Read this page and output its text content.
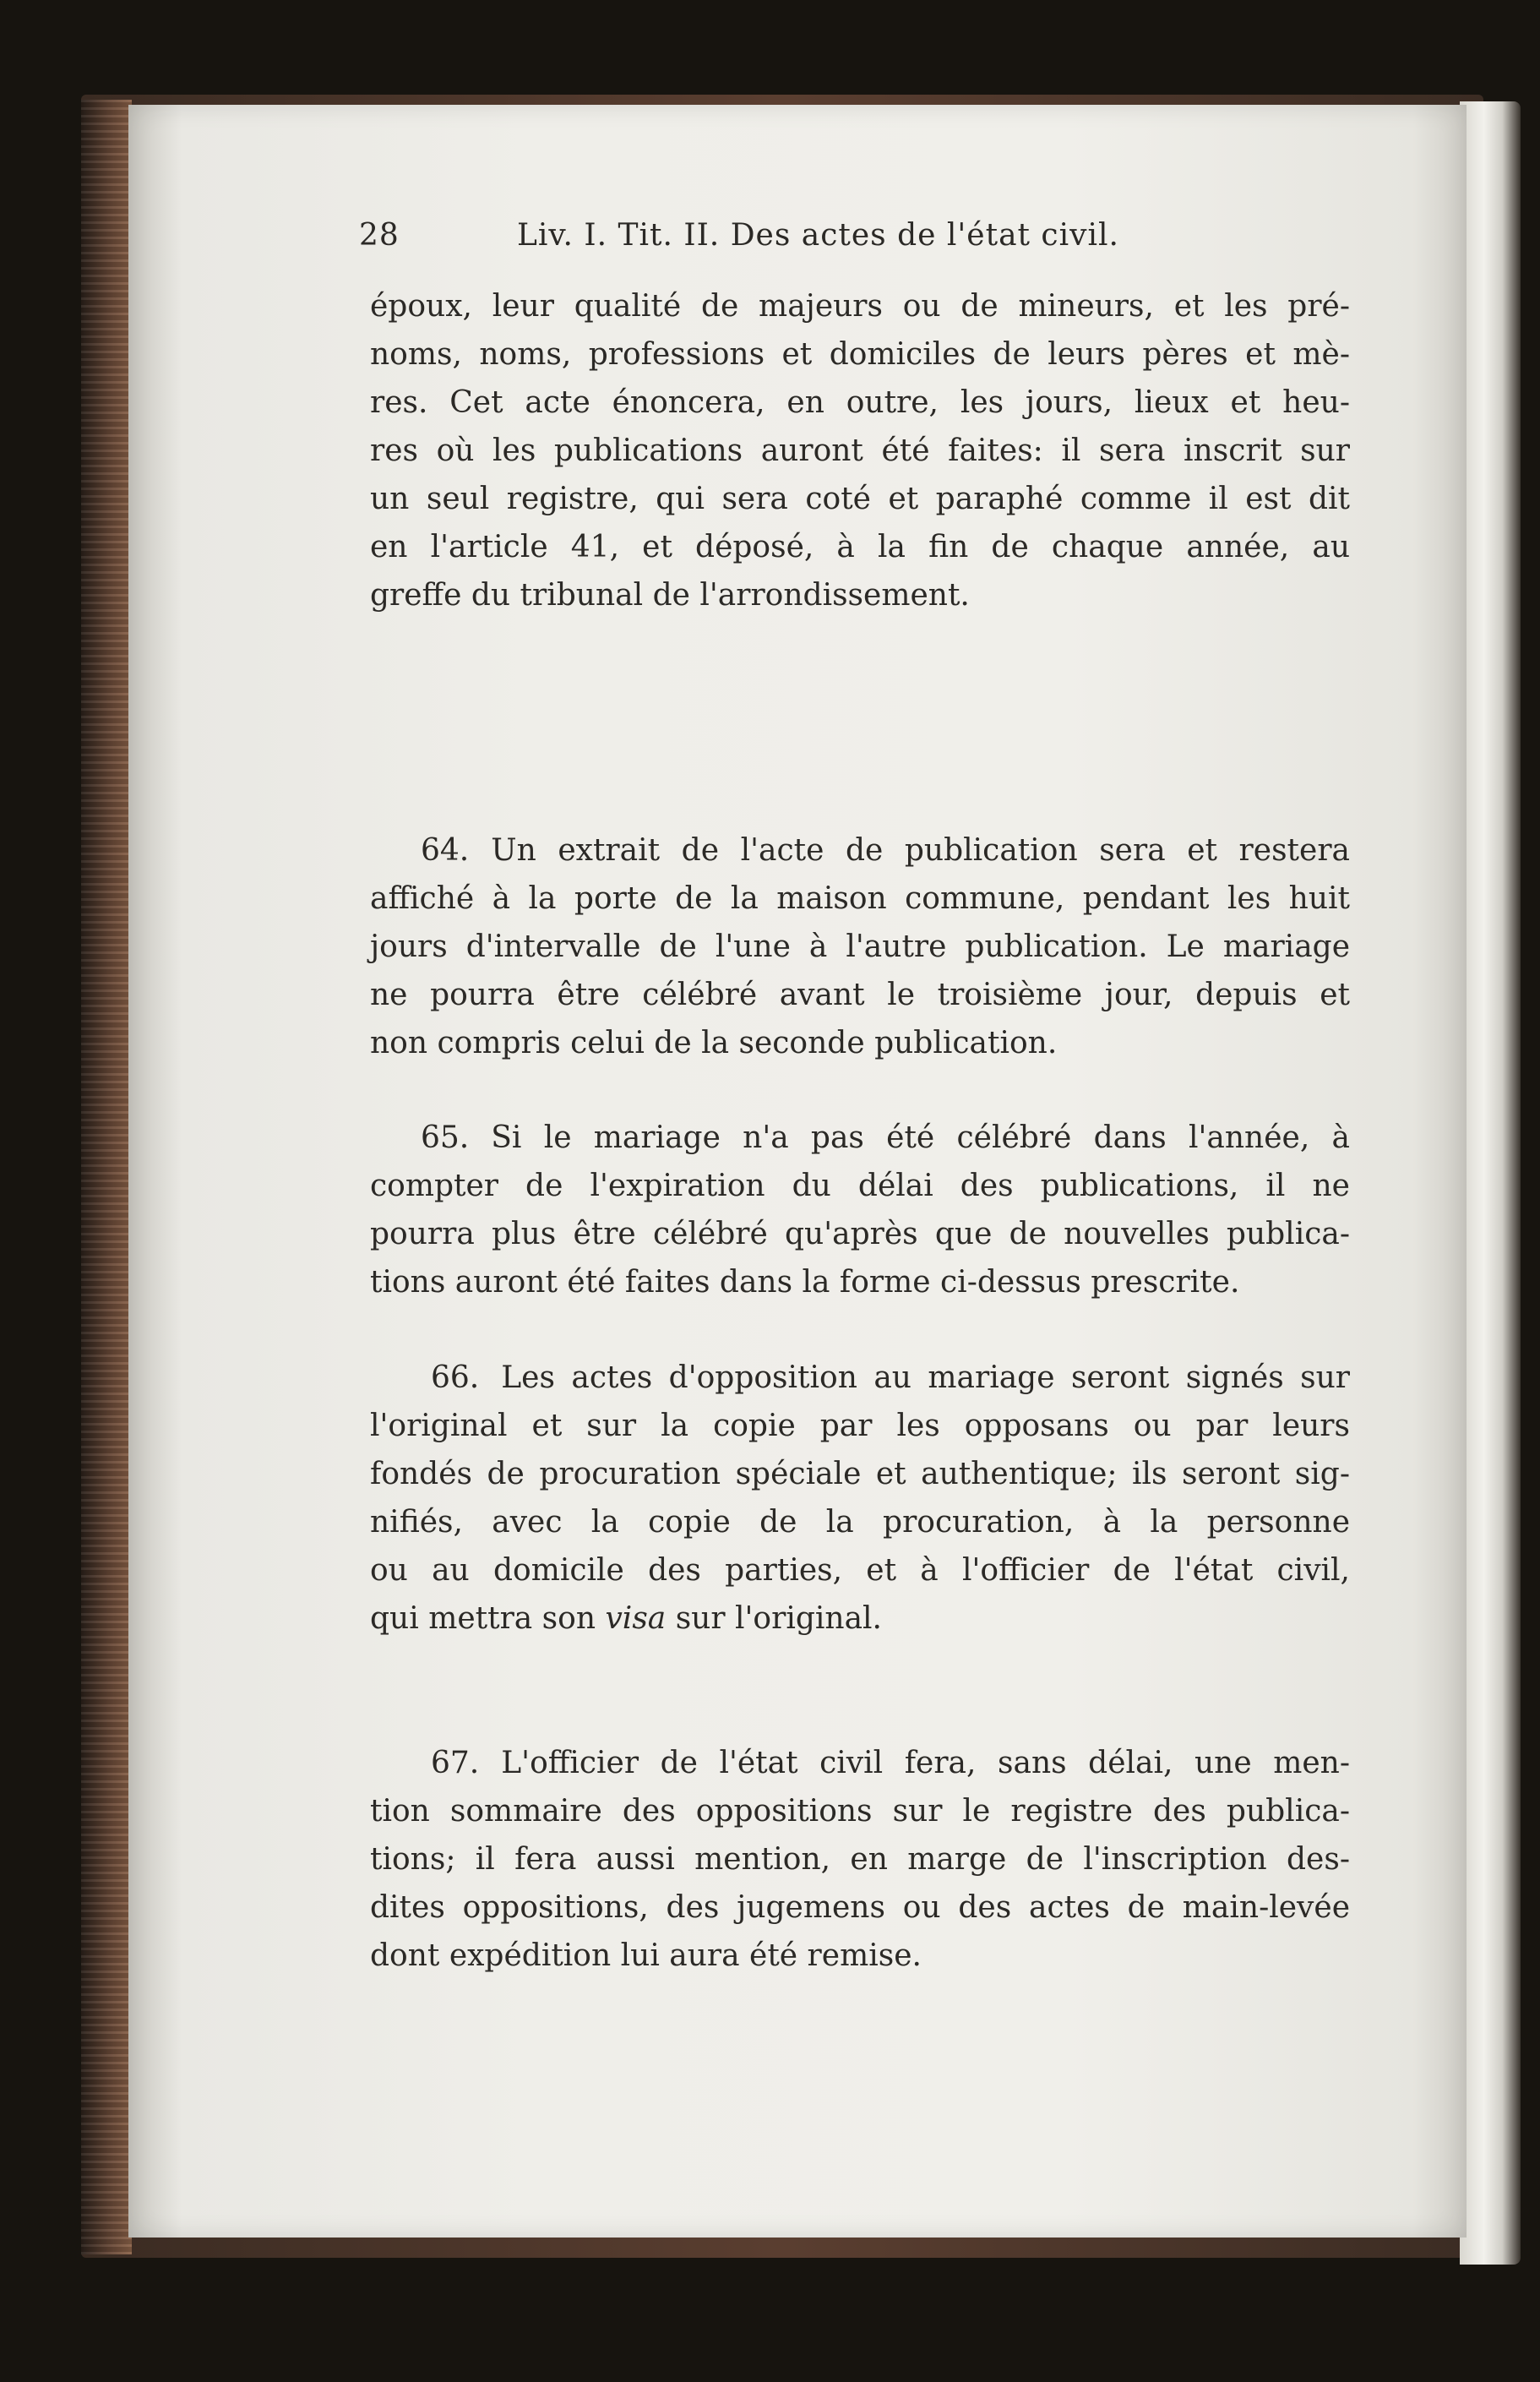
28	Liv. I. Tit. II. Des actes de l'état civil.
époux, leur qualité de majeurs ou de mineurs, et les pré-
noms, noms, professions et domiciles de leurs pères et mè-
res. Cet acte énoncera, en outre, les jours, lieux et heu-
res où les publications auront été faites: il sera inscrit sur
un seul registre, qui sera coté et paraphé comme il est dit
en l'article 41, et déposé, à la fin de chaque année, au
greffe du tribunal de l'arrondissement.
64. Un extrait de l'acte de publication sera et restera
affiché à la porte de la maison commune, pendant les huit
jours d'intervalle de l'une à l'autre publication. Le mariage
ne pourra être célébré avant le troisième jour, depuis et
non compris celui de la seconde publication.
65. Si le mariage n'a pas été célébré dans l'année, à
compter de l'expiration du délai des publications, il ne
pourra plus être célébré qu'après que de nouvelles publica-
tions auront été faites dans la forme ci-dessus prescrite.
66. Les actes d'opposition au mariage seront signés sur
l'original et sur la copie par les opposans ou par leurs
fondés de procuration spéciale et authentique; ils seront sig-
nifiés, avec la copie de la procuration, à la personne
ou au domicile des parties, et à l'officier de l'état civil,
qui mettra son visa sur l'original.
67. L'officier de l'état civil fera, sans délai, une men-
tion sommaire des oppositions sur le registre des publica-
tions; il fera aussi mention, en marge de l'inscription des-
dites oppositions, des jugemens ou des actes de main-levée
dont expédition lui aura été remise.
